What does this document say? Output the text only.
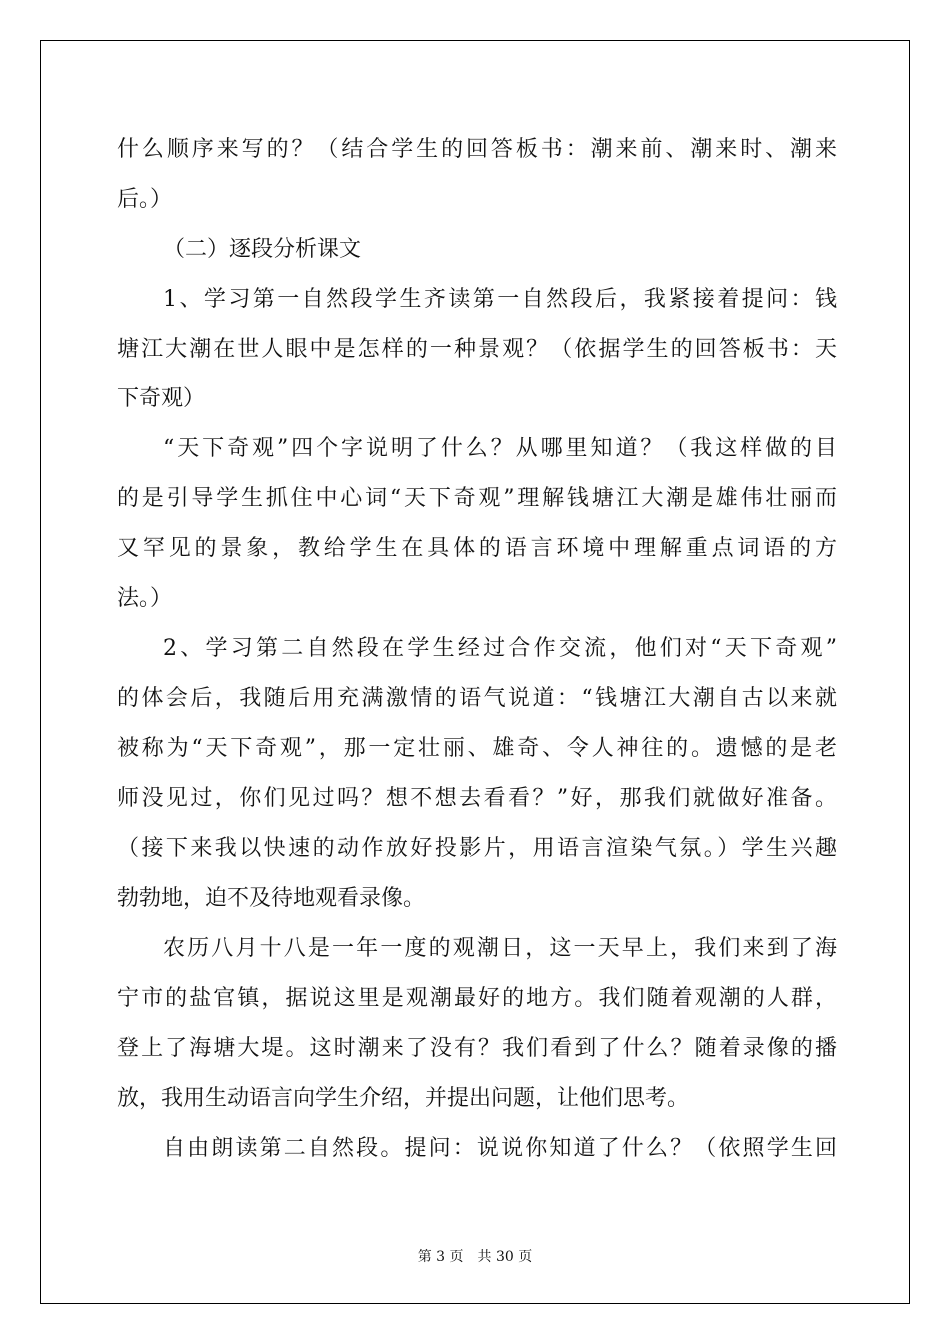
什么顺序来写的？（结合学生的回答板书：潮来前、潮来时、潮来
后。）
（二）逐段分析课文
1、学习第一自然段学生齐读第一自然段后，我紧接着提问：钱
塘江大潮在世人眼中是怎样的一种景观？（依据学生的回答板书：天
下奇观）
“天下奇观”四个字说明了什么？从哪里知道？（我这样做的目
的是引导学生抓住中心词“天下奇观”理解钱塘江大潮是雄伟壮丽而
又罕见的景象，教给学生在具体的语言环境中理解重点词语的方
法。）
2、学习第二自然段在学生经过合作交流，他们对“天下奇观”
的体会后，我随后用充满激情的语气说道：“钱塘江大潮自古以来就
被称为“天下奇观”，那一定壮丽、雄奇、令人神往的。遗憾的是老
师没见过，你们见过吗？想不想去看看？”好，那我们就做好准备。
（接下来我以快速的动作放好投影片，用语言渲染气氛。）学生兴趣
勃勃地，迫不及待地观看录像。
农历八月十八是一年一度的观潮日，这一天早上，我们来到了海
宁市的盐官镇，据说这里是观潮最好的地方。我们随着观潮的人群，
登上了海塘大堤。这时潮来了没有？我们看到了什么？随着录像的播
放，我用生动语言向学生介绍，并提出问题，让他们思考。
自由朗读第二自然段。提问：说说你知道了什么？（依照学生回
第 3 页　共 30 页
